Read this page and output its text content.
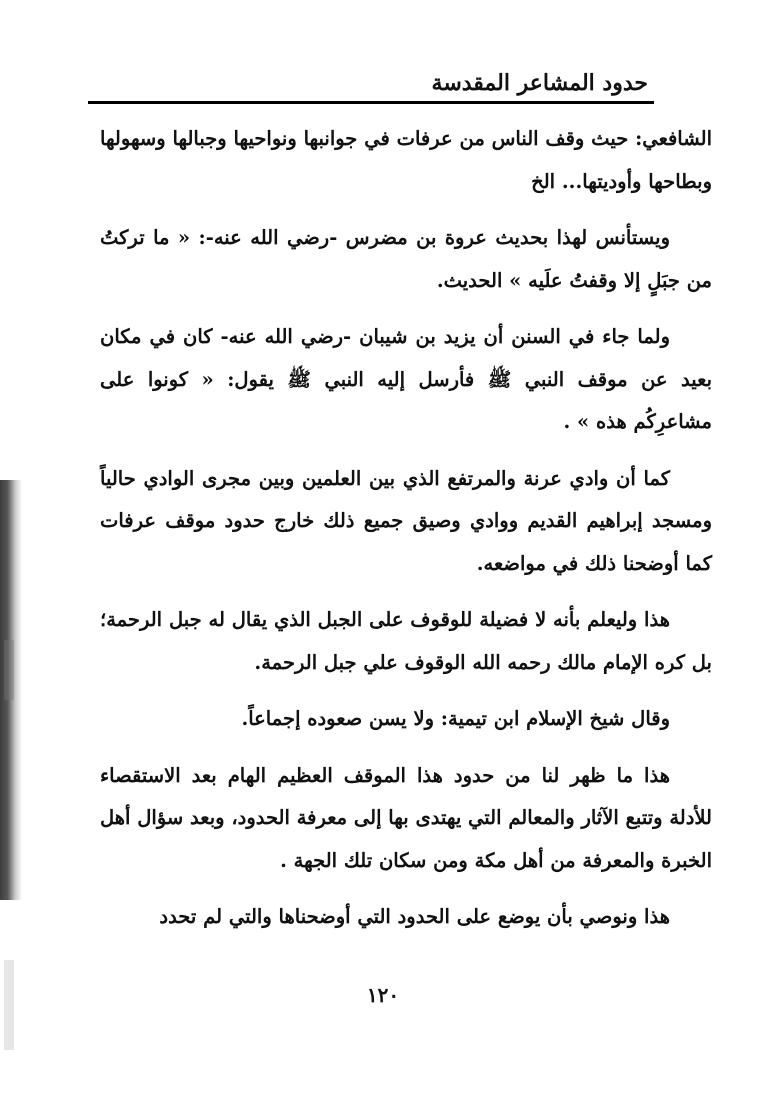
حدود المشاعر المقدسة

الشافعي: حيث وقف الناس من عرفات في جوانبها ونواحيها وجبالها وسهولها وبطاحها وأوديتها... الخ

ويستأنس لهذا بحديث عروة بن مضرس -رضي الله عنه-: « ما تركتُ من جبَلٍ إلا وقفتُ علَيه » الحديث.

ولما جاء في السنن أن يزيد بن شيبان -رضي الله عنه- كان في مكان بعيد عن موقف النبي ﷺ فأرسل إليه النبي ﷺ يقول: « كونوا على مشاعرِكُم هذه » .

كما أن وادي عرنة والمرتفع الذي بين العلمين وبين مجرى الوادي حالياً ومسجد إبراهيم القديم ووادي وصيق جميع ذلك خارج حدود موقف عرفات كما أوضحنا ذلك في مواضعه.

هذا وليعلم بأنه لا فضيلة للوقوف على الجبل الذي يقال له جبل الرحمة؛ بل كره الإمام مالك رحمه الله الوقوف علي جبل الرحمة.

وقال شيخ الإسلام ابن تيمية: ولا يسن صعوده إجماعاً.

هذا ما ظهر لنا من حدود هذا الموقف العظيم الهام بعد الاستقصاء للأدلة وتتبع الآثار والمعالم التي يهتدى بها إلى معرفة الحدود، وبعد سؤال أهل الخبرة والمعرفة من أهل مكة ومن سكان تلك الجهة .

هذا ونوصي بأن يوضع على الحدود التي أوضحناها والتي لم تحدد

١٢٠
